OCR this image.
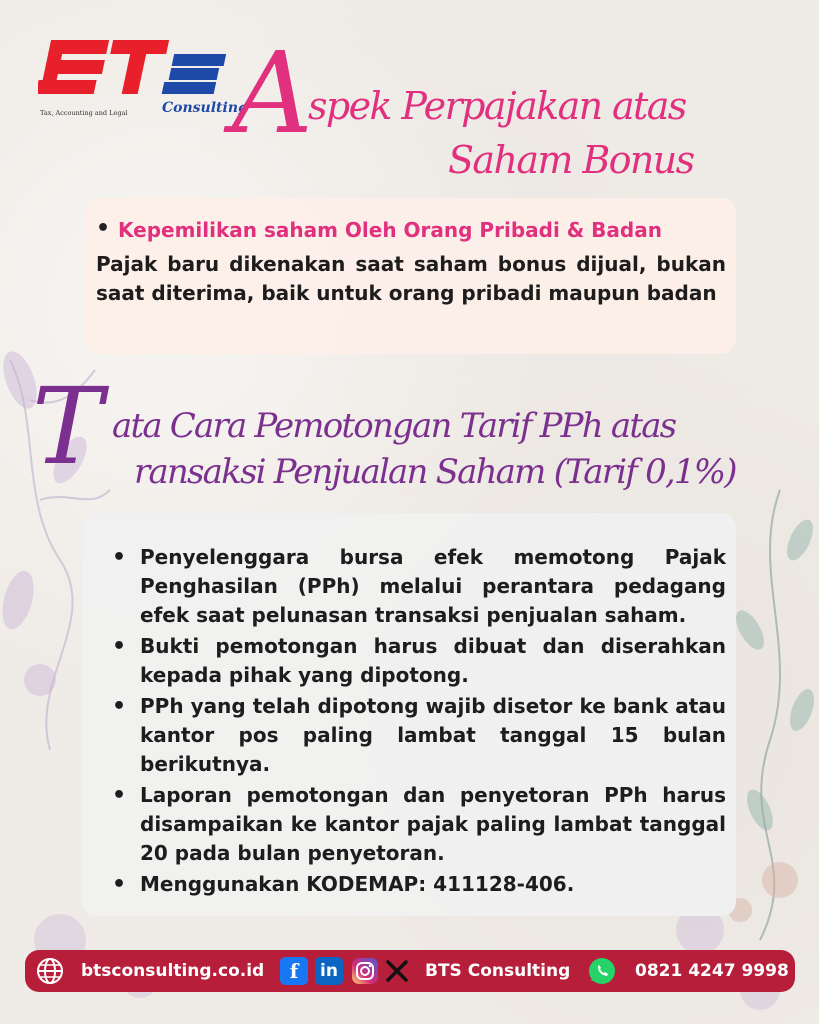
Tax, Accounting and Legal Consulting
A
spek Perpajakan atas
Saham Bonus
• Kepemilikan saham Oleh Orang Pribadi & Badan
Pajak baru dikenakan saat saham bonus dijual, bukan saat diterima, baik untuk orang pribadi maupun badan
T ata Cara Pemotongan Tarif PPh atas
ransaksi Penjualan Saham (Tarif 0,1%)
• Penyelenggara bursa efek memotong Pajak Penghasilan (PPh) melalui perantara pedagang efek saat pelunasan transaksi penjualan saham.
• Bukti pemotongan harus dibuat dan diserahkan kepada pihak yang dipotong.
• PPh yang telah dipotong wajib disetor ke bank atau kantor pos paling lambat tanggal 15 bulan berikutnya.
• Laporan pemotongan dan penyetoran PPh harus disampaikan ke kantor pajak paling lambat tanggal 20 pada bulan penyetoran.
• Menggunakan KODEMAP: 411128-406.
btsconsulting.co.id	f	in	BTS Consulting	0821 4247 9998
